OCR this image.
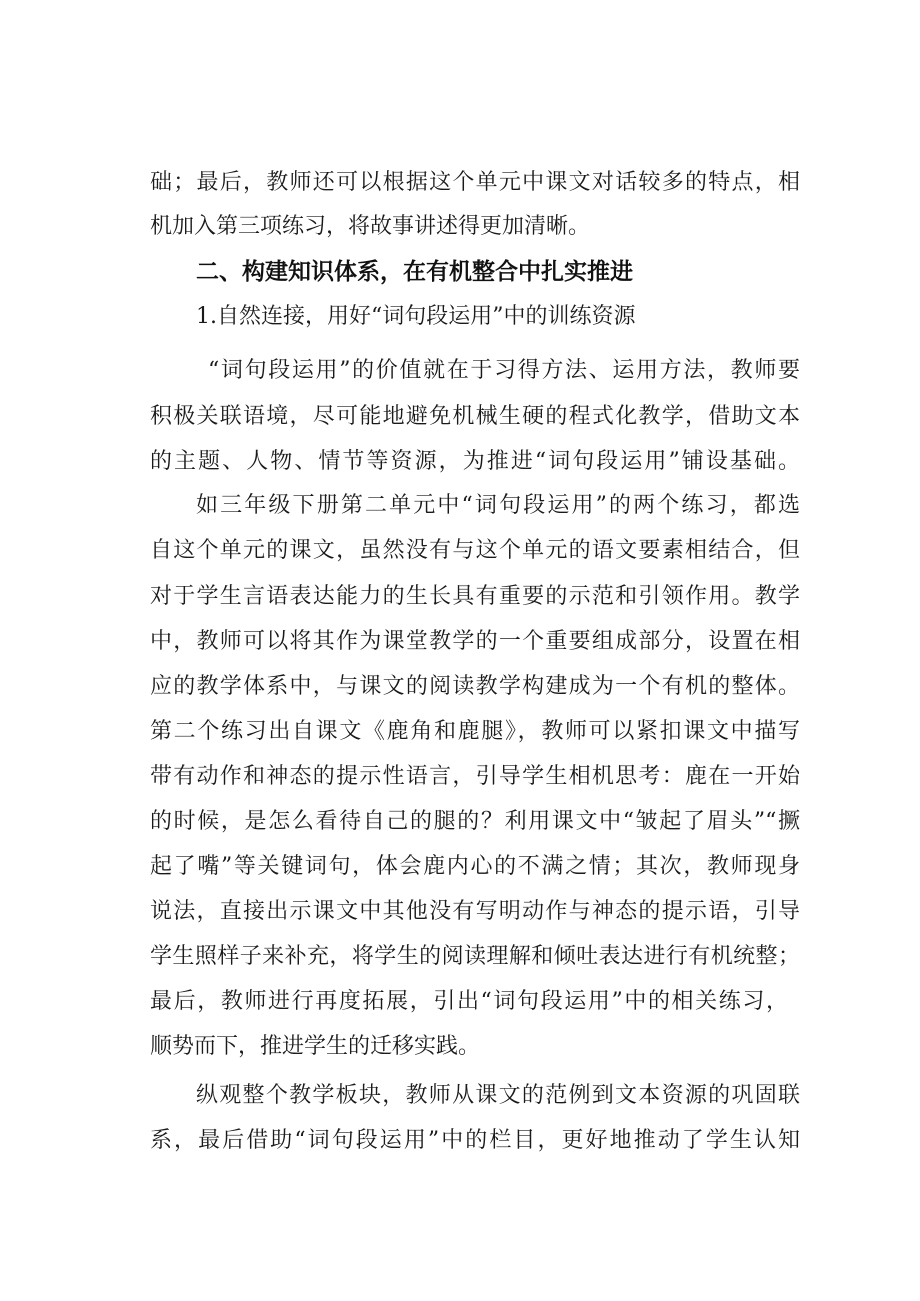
础；最后，教师还可以根据这个单元中课文对话较多的特点，相
机加入第三项练习，将故事讲述得更加清晰。
二、构建知识体系，在有机整合中扎实推进
1.自然连接，用好“词句段运用”中的训练资源
“词句段运用”的价值就在于习得方法、运用方法，教师要
积极关联语境，尽可能地避免机械生硬的程式化教学，借助文本
的主题、人物、情节等资源，为推进“词句段运用”铺设基础。
如三年级下册第二单元中“词句段运用”的两个练习，都选
自这个单元的课文，虽然没有与这个单元的语文要素相结合，但
对于学生言语表达能力的生长具有重要的示范和引领作用。教学
中，教师可以将其作为课堂教学的一个重要组成部分，设置在相
应的教学体系中，与课文的阅读教学构建成为一个有机的整体。
第二个练习出自课文《鹿角和鹿腿》，教师可以紧扣课文中描写
带有动作和神态的提示性语言，引导学生相机思考：鹿在一开始
的时候，是怎么看待自己的腿的？利用课文中“皱起了眉头”“撅
起了嘴”等关键词句，体会鹿内心的不满之情；其次，教师现身
说法，直接出示课文中其他没有写明动作与神态的提示语，引导
学生照样子来补充，将学生的阅读理解和倾吐表达进行有机统整；
最后，教师进行再度拓展，引出“词句段运用”中的相关练习，
顺势而下，推进学生的迁移实践。
纵观整个教学板块，教师从课文的范例到文本资源的巩固联
系，最后借助“词句段运用”中的栏目，更好地推动了学生认知
